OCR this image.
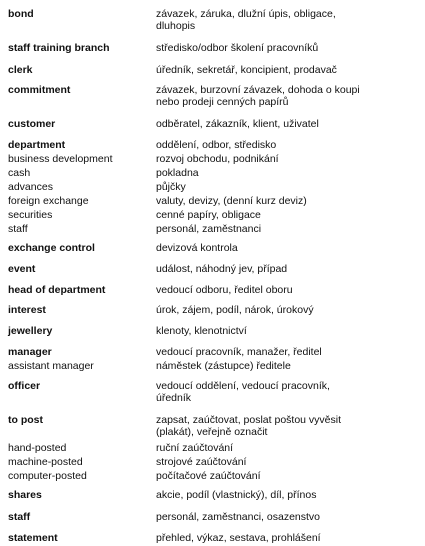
bond	závazek, záruka, dlužní úpis, obligace,
dluhopis
staff training branch	středisko/odbor školení pracovníků
clerk	úředník, sekretář, koncipient, prodavač
commitment	závazek, burzovní závazek, dohoda o koupi
nebo prodeji cenných papírů
customer	odběratel, zákazník, klient, uživatel
department	oddělení, odbor, středisko
business development	rozvoj obchodu, podnikání
cash	pokladna
advances	půjčky
foreign exchange	valuty, devizy, (denní kurz deviz)
securities	cenné papíry, obligace
staff	personál, zaměstnanci
exchange control	devizová kontrola
event	událost, náhodný jev, případ
head of department	vedoucí odboru, ředitel oboru
interest	úrok, zájem, podíl, nárok, úrokový
jewellery	klenoty, klenotnictví
manager	vedoucí pracovník, manažer, ředitel
assistant manager	náměstek (zástupce) ředitele
officer	vedoucí oddělení, vedoucí pracovník,
úředník
to post	zapsat, zaúčtovat, poslat poštou vyvěsit
(plakát), veřejně označit
hand-posted	ruční zaúčtování
machine-posted	strojové zaúčtování
computer-posted	počítačové zaúčtování
shares	akcie, podíl (vlastnický), díl, přínos
staff	personál, zaměstnanci, osazenstvo
statement	přehled, výkaz, sestava, prohlášení
